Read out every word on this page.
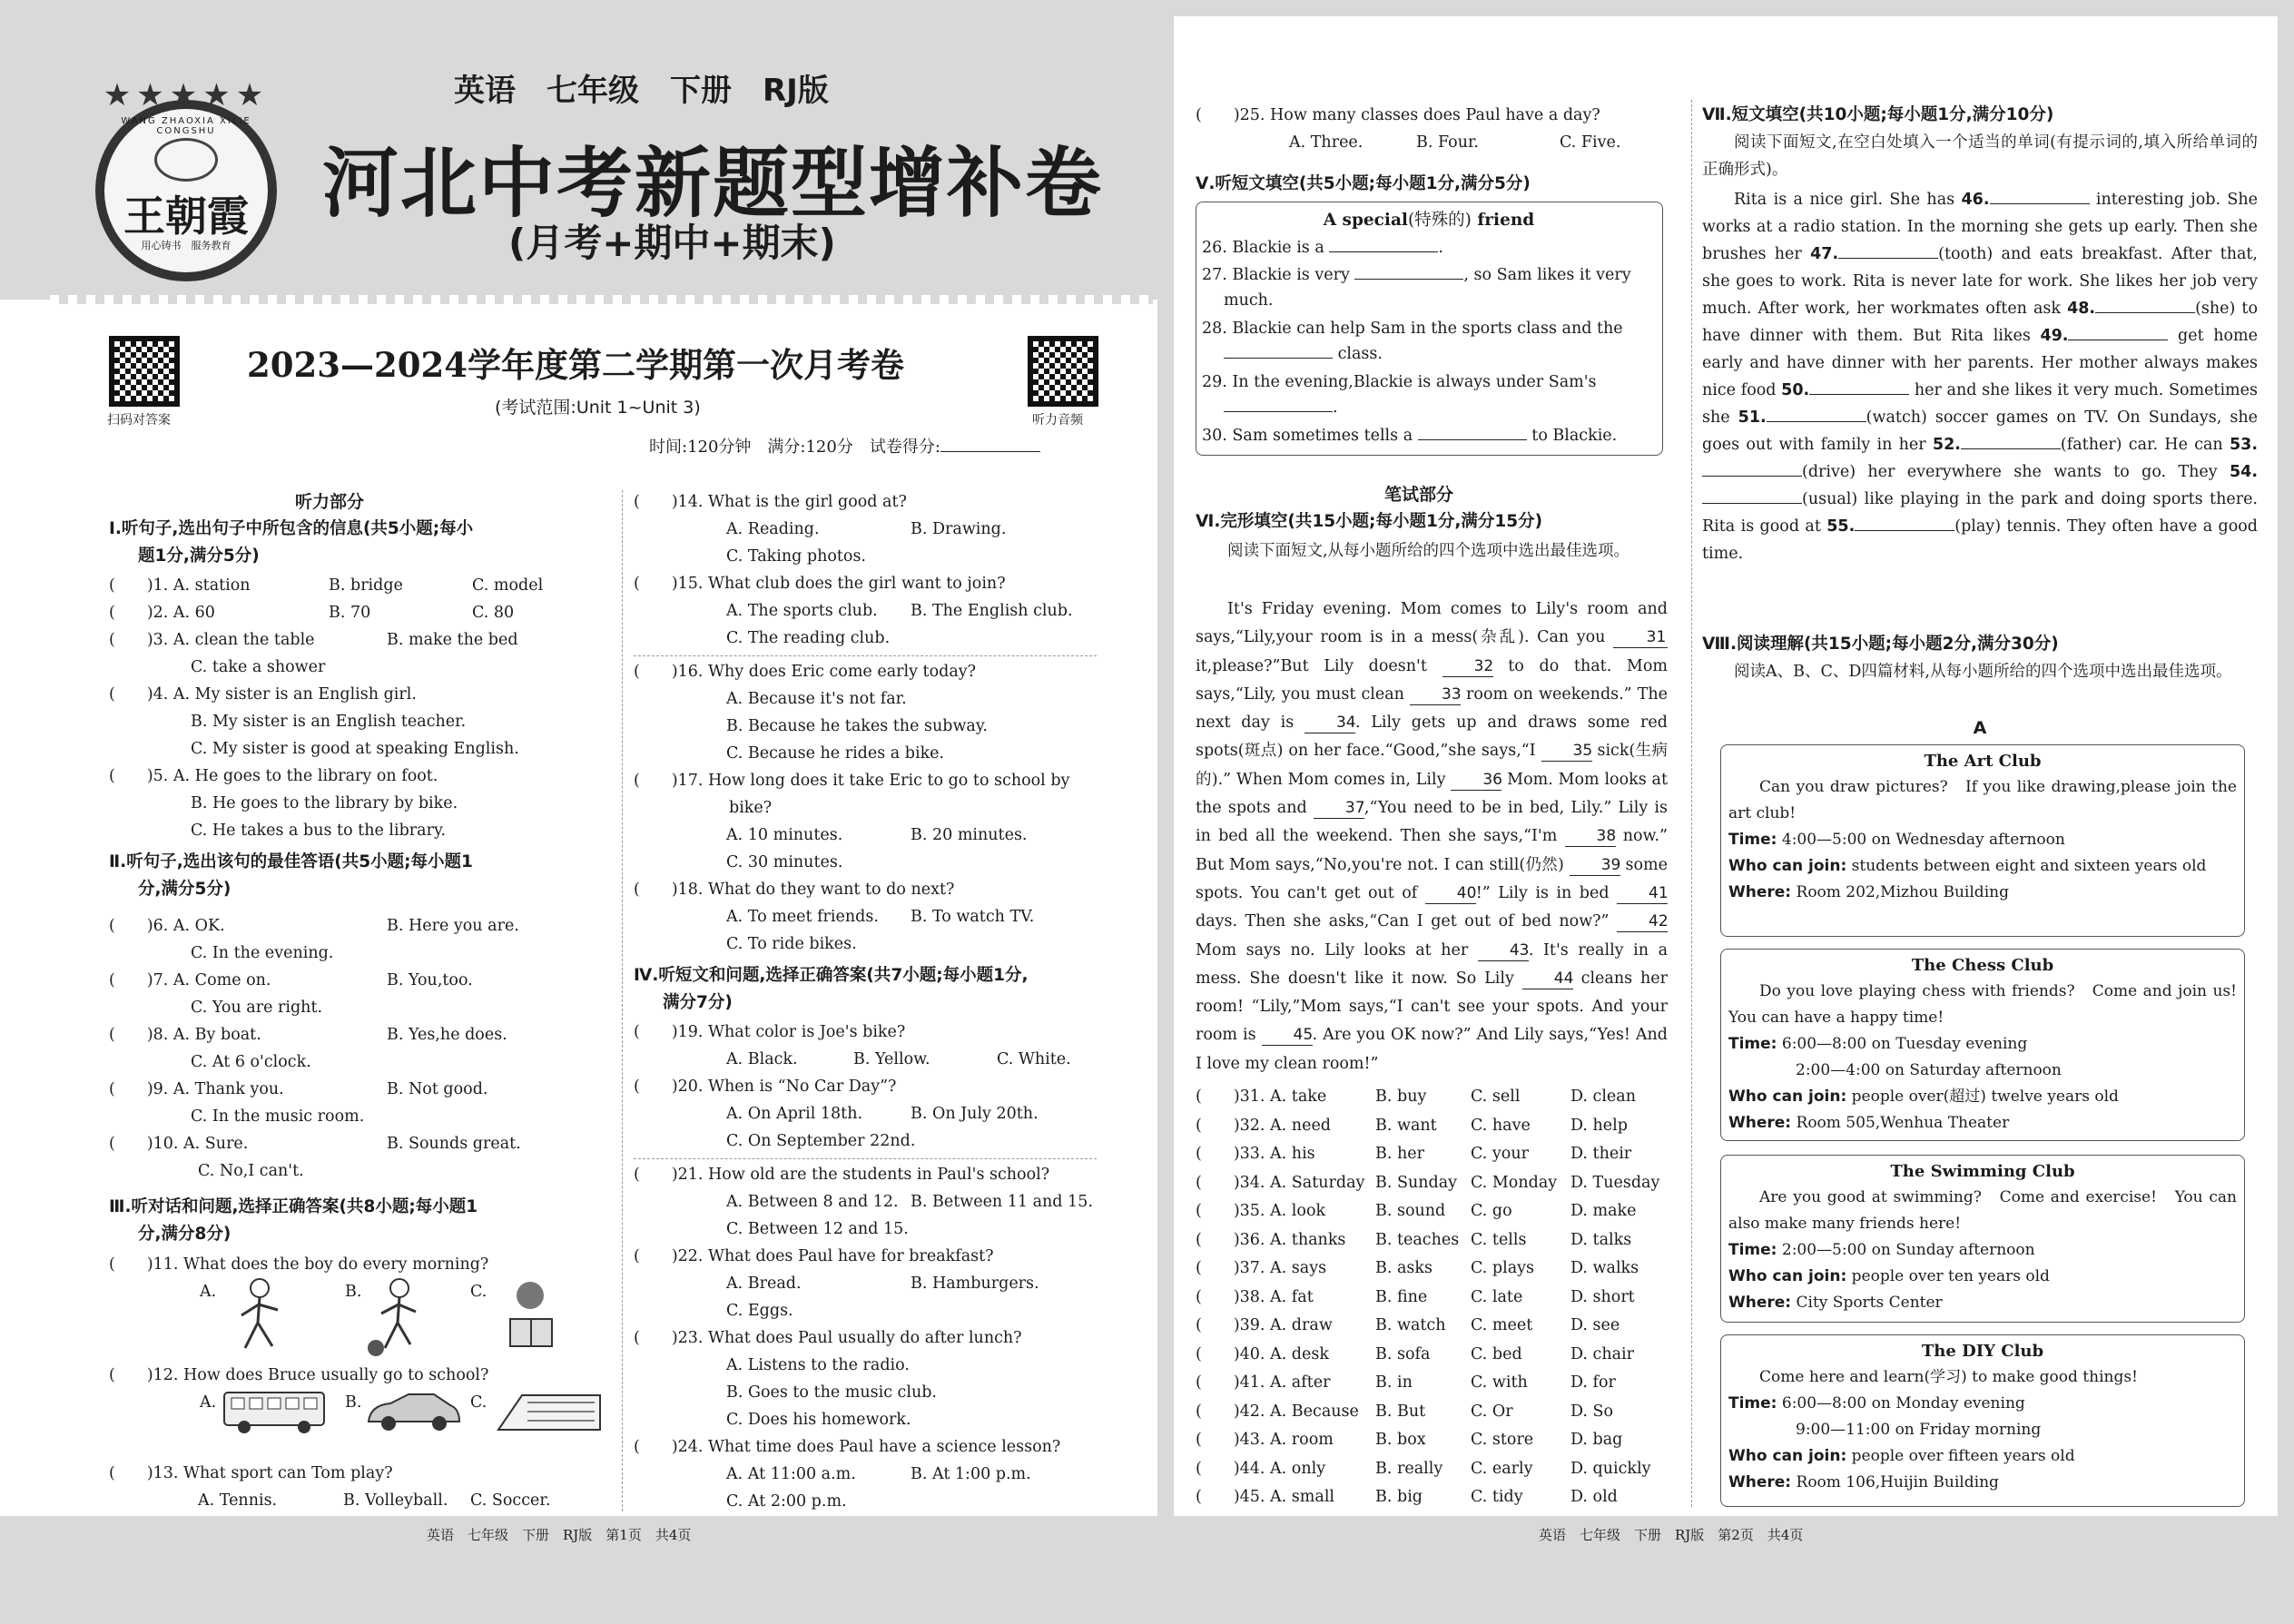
WANG ZHAOXIA XILIE CONGSHU
王朝霞
用心铸书　服务教育
★★★★★	英语　七年级　下册　RJ版
河北中考新题型增补卷
(月考+期中+期末)
扫码对答案	听力音频
2023—2024学年度第二学期第一次月考卷
(考试范围:Unit 1~Unit 3)
时间:120分钟　满分:120分　试卷得分:
听力部分
Ⅰ.听句子,选出句子中所包含的信息(共5小题;每小
题1分,满分5分)
(　　)1. A. station	B. bridge	C. model
(　　)2. A. 60	B. 70	C. 80
(　　)3. A. clean the table	B. make the bed
C. take a shower
(　　)4. A. My sister is an English girl.
B. My sister is an English teacher.
C. My sister is good at speaking English.
(　　)5. A. He goes to the library on foot.
B. He goes to the library by bike.
C. He takes a bus to the library.
Ⅱ.听句子,选出该句的最佳答语(共5小题;每小题1
分,满分5分)
(　　)6. A. OK.	B. Here you are.
C. In the evening.
(　　)7. A. Come on.	B. You,too.
C. You are right.
(　　)8. A. By boat.	B. Yes,he does.
C. At 6 o'clock.
(　　)9. A. Thank you.	B. Not good.
C. In the music room.
(　　)10. A. Sure.	B. Sounds great.
C. No,I can't.
Ⅲ.听对话和问题,选择正确答案(共8小题;每小题1
分,满分8分)
(　　)11. What does the boy do every morning?
A.	B.	C.
(　　)12. How does Bruce usually go to school?
A.	B.	C.
(　　)13. What sport can Tom play?
A. Tennis.	B. Volleyball. C. Soccer.
(　　)14. What is the girl good at?
A. Reading.	B. Drawing.
C. Taking photos.
(　　)15. What club does the girl want to join?
A. The sports club. B. The English club.
C. The reading club.
(　　)16. Why does Eric come early today?
A. Because it's not far.
B. Because he takes the subway.
C. Because he rides a bike.
(　　)17. How long does it take Eric to go to school by
bike?
A. 10 minutes.	B. 20 minutes.
C. 30 minutes.
(　　)18. What do they want to do next?
A. To meet friends. B. To watch TV.
C. To ride bikes.
Ⅳ.听短文和问题,选择正确答案(共7小题;每小题1分,
满分7分)
(　　)19. What color is Joe's bike?
A. Black.	B. Yellow.	C. White.
(　　)20. When is “No Car Day”?
A. On April 18th.	B. On July 20th.
C. On September 22nd.
(　　)21. How old are the students in Paul's school?
A. Between 8 and 12. B. Between 11 and 15.
C. Between 12 and 15.
(　　)22. What does Paul have for breakfast?
A. Bread.	B. Hamburgers.
C. Eggs.
(　　)23. What does Paul usually do after lunch?
A. Listens to the radio.
B. Goes to the music club.
C. Does his homework.
(　　)24. What time does Paul have a science lesson?
A. At 11:00 a.m.	B. At 1:00 p.m.
C. At 2:00 p.m.
英语　七年级　下册　RJ版　第1页　共4页
(　　)25. How many classes does Paul have a day?
A. Three.	B. Four.	C. Five.
Ⅴ.听短文填空(共5小题;每小题1分,满分5分)
A special(特殊的) friend
26. Blackie is a	.
27. Blackie is very	, so Sam likes it very
much.
28. Blackie can help Sam in the sports class and the
class.
29. In the evening,Blackie is always under Sam's
.
30. Sam sometimes tells a	to Blackie.
笔试部分
Ⅵ.完形填空(共15小题;每小题1分,满分15分)
阅读下面短文,从每小题所给的四个选项中选出最佳选项。
It's Friday evening. Mom comes to Lily's room and says,“Lily,your room is in a mess(杂乱). Can you 31 it,please?”But Lily doesn't 32 to do that. Mom says,“Lily, you must clean 33 room on weekends.” The next day is 34. Lily gets up and draws some red spots(斑点) on her face.“Good,”she says,“I 35 sick(生病的).” When Mom comes in, Lily 36 Mom. Mom looks at the spots and 37,“You need to be in bed, Lily.” Lily is in bed all the weekend. Then she says,“I'm 38 now.” But Mom says,“No,you're not. I can still(仍然) 39 some spots. You can't get out of 40!” Lily is in bed 41 days. Then she asks,“Can I get out of bed now?” 42 Mom says no. Lily looks at her 43. It's really in a mess. She doesn't like it now. So Lily 44 cleans her room! “Lily,”Mom says,“I can't see your spots. And your room is 45. Are you OK now?” And Lily says,“Yes! And I love my clean room!”
(　　)31. A. take	B. buy	C. sell	D. clean
(　　)32. A. need	B. want C. have	D. help
(　　)33. A. his	B. her	C. your	D. their
(　　)34. A. Saturday B. Sunday C. Monday D. Tuesday
(　　)35. A. look	B. sound C. go	D. make
(　　)36. A. thanks B. teaches C. tells	D. talks
(　　)37. A. says	B. asks C. plays D. walks
(　　)38. A. fat	B. fine	C. late	D. short
(　　)39. A. draw	B. watch C. meet D. see
(　　)40. A. desk	B. sofa	C. bed	D. chair
(　　)41. A. after	B. in	C. with	D. for
(　　)42. A. Because B. But	C. Or	D. So
(　　)43. A. room	B. box	C. store D. bag
(　　)44. A. only	B. really C. early D. quickly
(　　)45. A. small	B. big	C. tidy	D. old
Ⅶ.短文填空(共10小题;每小题1分,满分10分)
阅读下面短文,在空白处填入一个适当的单词(有提示词的,填入所给单词的正确形式)。
Rita is a nice girl. She has 46.	interesting job. She works at a radio station. In the morning she gets up early. Then she brushes her 47.	(tooth) and eats breakfast. After that, she goes to work. Rita is never late for work. She likes her job very much. After work, her workmates often ask 48.	(she) to have dinner with them. But Rita likes 49.	get home early and have dinner with her parents. Her mother always makes nice food 50.	her and she likes it very much. Sometimes she 51.	(watch) soccer games on TV. On Sundays, she goes out with family in her 52.	(father) car. He can 53.(drive) her everywhere she wants to go. They 54.(usual) like playing in the park and doing sports there. Rita is good at 55.	(play) tennis. They often have a good time.
Ⅷ.阅读理解(共15小题;每小题2分,满分30分)
阅读A、B、C、D四篇材料,从每小题所给的四个选项中选出最佳选项。
A
The Art Club
Can you draw pictures?　If you like drawing,please join the art club!
Time: 4:00—5:00 on Wednesday afternoon
Who can join: students between eight and sixteen years old
Where: Room 202,Mizhou Building
The Chess Club
Do you love playing chess with friends?　Come and join us!　You can have a happy time!
Time: 6:00—8:00 on Tuesday evening
2:00—4:00 on Saturday afternoon
Who can join: people over(超过) twelve years old
Where: Room 505,Wenhua Theater
The Swimming Club
Are you good at swimming?　Come and exercise!　You can also make many friends here!
Time: 2:00—5:00 on Sunday afternoon
Who can join: people over ten years old
Where: City Sports Center
The DIY Club
Come here and learn(学习) to make good things!
Time: 6:00—8:00 on Monday evening
9:00—11:00 on Friday morning
Who can join: people over fifteen years old
Where: Room 106,Huijin Building
英语　七年级　下册　RJ版　第2页　共4页
